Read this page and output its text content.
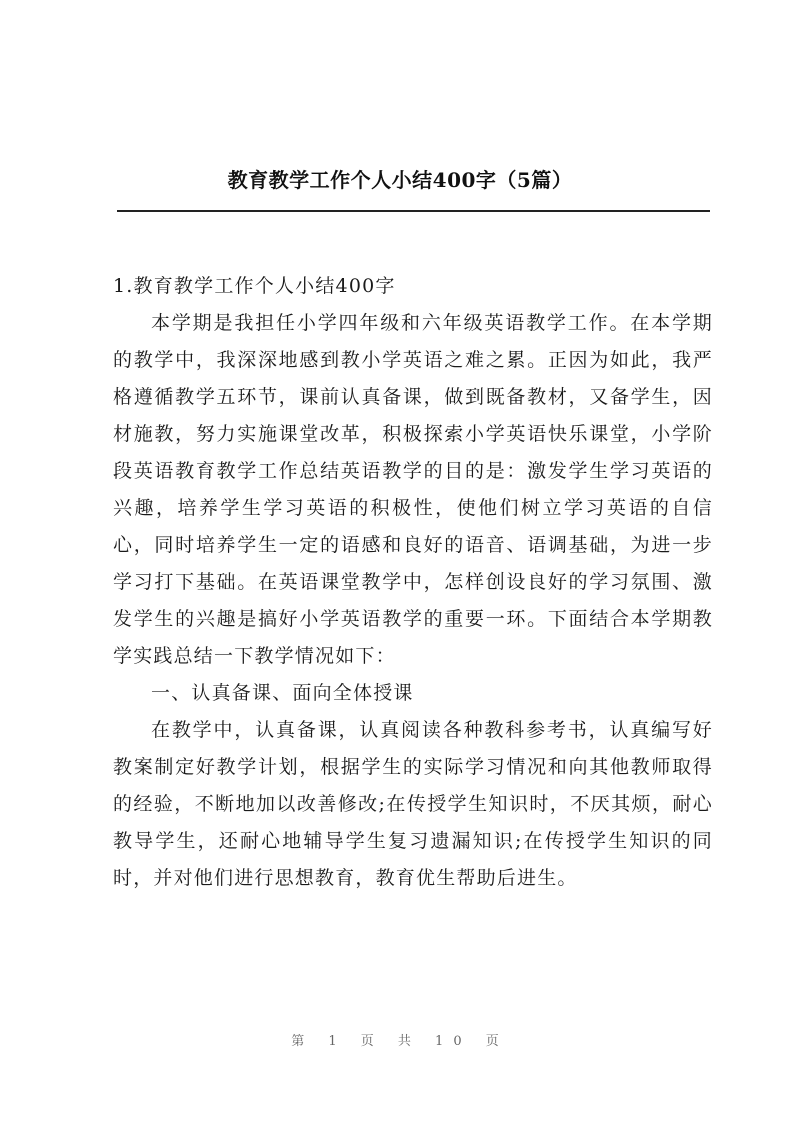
教育教学工作个人小结400字（5篇）

1.教育教学工作个人小结400字

本学期是我担任小学四年级和六年级英语教学工作。在本学期的教学中，我深深地感到教小学英语之难之累。正因为如此，我严格遵循教学五环节，课前认真备课，做到既备教材，又备学生，因材施教，努力实施课堂改革，积极探索小学英语快乐课堂，小学阶段英语教育教学工作总结英语教学的目的是：激发学生学习英语的兴趣，培养学生学习英语的积极性，使他们树立学习英语的自信心，同时培养学生一定的语感和良好的语音、语调基础，为进一步学习打下基础。在英语课堂教学中，怎样创设良好的学习氛围、激发学生的兴趣是搞好小学英语教学的重要一环。下面结合本学期教学实践总结一下教学情况如下：

一、认真备课、面向全体授课

在教学中，认真备课，认真阅读各种教科参考书，认真编写好教案制定好教学计划，根据学生的实际学习情况和向其他教师取得的经验，不断地加以改善修改;在传授学生知识时，不厌其烦，耐心教导学生，还耐心地辅导学生复习遗漏知识;在传授学生知识的同时，并对他们进行思想教育，教育优生帮助后进生。

第 1 页 共 10 页
